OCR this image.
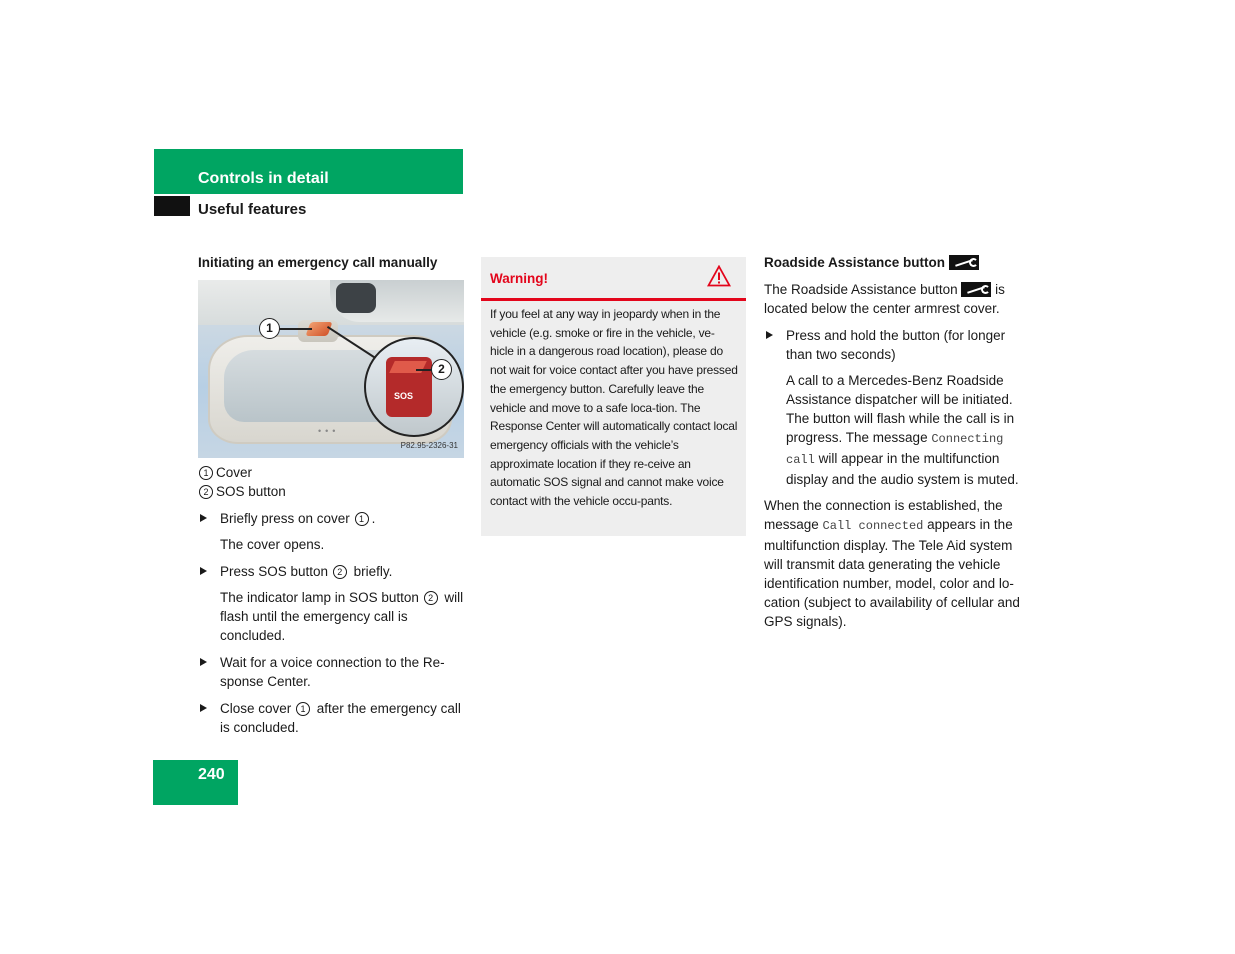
Controls in detail
Useful features
Initiating an emergency call manually
SOS
1
2
•••
P82.95-2326-31
1 Cover
2 SOS button
Briefly press on cover 1 .
The cover opens.
Press SOS button 2 briefly.
The indicator lamp in SOS button 2 will flash until the emergency call is concluded.
Wait for a voice connection to the Re-sponse Center.
Close cover 1 after the emergency call is concluded.
Warning!
If you feel at any way in jeopardy when in the vehicle (e.g. smoke or fire in the vehicle, ve-hicle in a dangerous road location), please do not wait for voice contact after you have pressed the emergency button. Carefully leave the vehicle and move to a safe loca-tion. The Response Center will automatically contact local emergency officials with the vehicle’s approximate location if they re-ceive an automatic SOS signal and cannot make voice contact with the vehicle occu-pants.
Roadside Assistance button
The Roadside Assistance button	is located below the center armrest cover.
Press and hold the button (for longer than two seconds)
A call to a Mercedes-Benz Roadside Assistance dispatcher will be initiated. The button will flash while the call is in progress. The message Connecting call will appear in the multifunction display and the audio system is muted.
When the connection is established, the message Call connected appears in the multifunction display. The Tele Aid system will transmit data generating the vehicle identification number, model, color and lo-cation (subject to availability of cellular and GPS signals).
240
